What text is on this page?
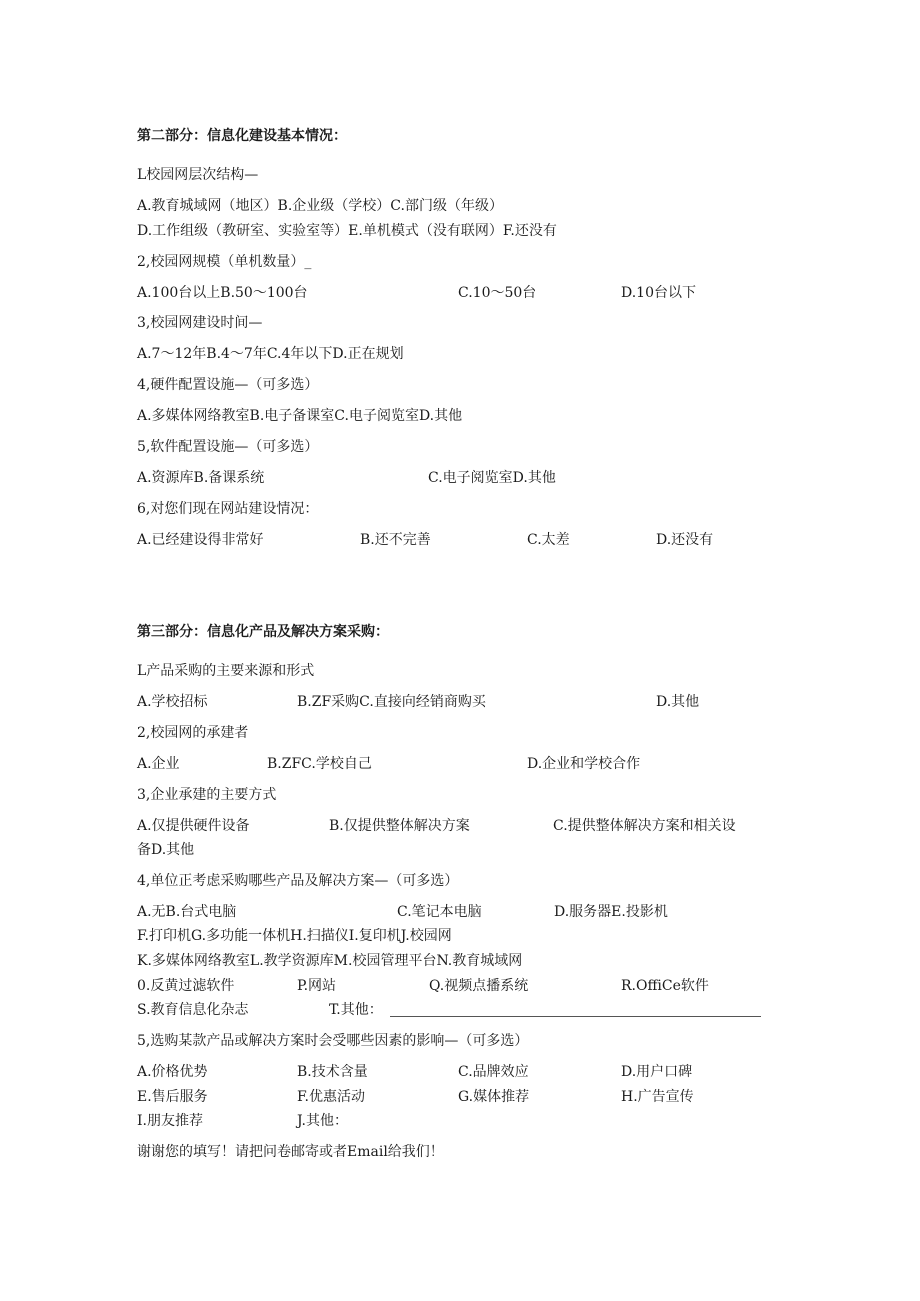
第二部分：信息化建设基本情况：
L校园网层次结构—
A.教育城域网（地区）B.企业级（学校）C.部门级（年级）
D.工作组级（教研室、实验室等）E.单机模式（没有联网）F.还没有
2,校园网规模（单机数量）_
A.100台以上B.50～100台	C.10～50台	D.10台以下
3,校园网建设时间—
A.7～12年B.4～7年C.4年以下D.正在规划
4,硬件配置设施—（可多选）
A.多媒体网络教室B.电子备课室C.电子阅览室D.其他
5,软件配置设施—（可多选）
A.资源库B.备课系统	C.电子阅览室D.其他
6,对您们现在网站建设情况：
A.已经建设得非常好	B.还不完善	C.太差	D.还没有
第三部分：信息化产品及解决方案采购：
L产品采购的主要来源和形式
A.学校招标	B.ZF采购C.直接向经销商购买	D.其他
2,校园网的承建者
A.企业	B.ZFC.学校自己	D.企业和学校合作
3,企业承建的主要方式
A.仅提供硬件设备	B.仅提供整体解决方案	C.提供整体解决方案和相关设
备D.其他
4,单位正考虑采购哪些产品及解决方案—（可多选）
A.无B.台式电脑	C.笔记本电脑	D.服务器E.投影机
F.打印机G.多功能一体机H.扫描仪I.复印机J.校园网
K.多媒体网络教室L.教学资源库M.校园管理平台N.教育城域网
0.反黄过滤软件	P.网站	Q.视频点播系统	R.OffiCe软件
S.教育信息化杂志	T.其他：
5,选购某款产品或解决方案时会受哪些因素的影响—（可多选）
A.价格优势	B.技术含量	C.品牌效应	D.用户口碑
E.售后服务	F.优惠活动	G.媒体推荐	H.广告宣传
I.朋友推荐	J.其他：
谢谢您的填写！请把问卷邮寄或者Email给我们！
